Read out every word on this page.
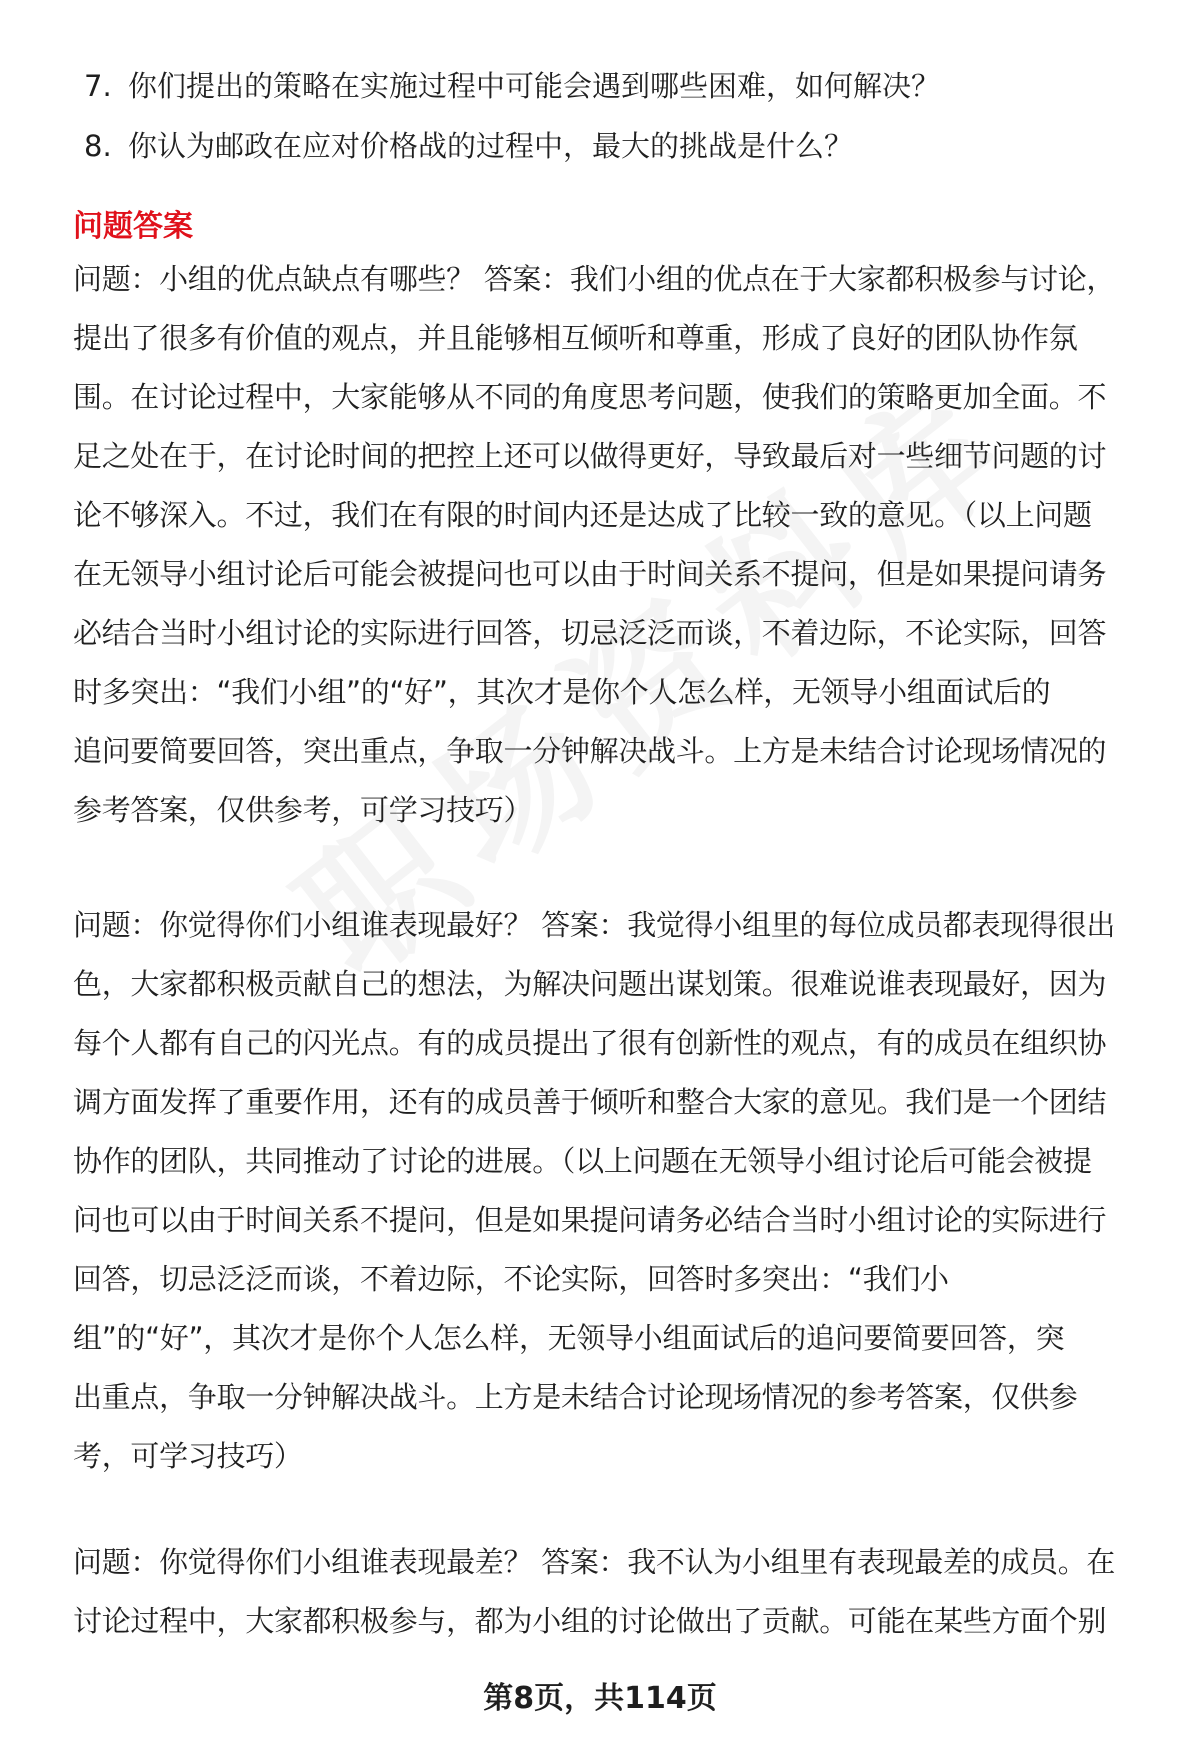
7. 你们提出的策略在实施过程中可能会遇到哪些困难，如何解决？
8. 你认为邮政在应对价格战的过程中，最大的挑战是什么？
问题答案
问题：小组的优点缺点有哪些？ 答案：我们小组的优点在于大家都积极参与讨论，
提出了很多有价值的观点，并且能够相互倾听和尊重，形成了良好的团队协作氛
围。在讨论过程中，大家能够从不同的角度思考问题，使我们的策略更加全面。不
足之处在于，在讨论时间的把控上还可以做得更好，导致最后对一些细节问题的讨
论不够深入。不过，我们在有限的时间内还是达成了比较一致的意见。（以上问题
在无领导小组讨论后可能会被提问也可以由于时间关系不提问，但是如果提问请务
必结合当时小组讨论的实际进行回答，切忌泛泛而谈，不着边际，不论实际，回答
时多突出：“我们小组”的“好”，其次才是你个人怎么样，无领导小组面试后的
追问要简要回答，突出重点，争取一分钟解决战斗。上方是未结合讨论现场情况的
参考答案，仅供参考，可学习技巧）
问题：你觉得你们小组谁表现最好？ 答案：我觉得小组里的每位成员都表现得很出
色，大家都积极贡献自己的想法，为解决问题出谋划策。很难说谁表现最好，因为
每个人都有自己的闪光点。有的成员提出了很有创新性的观点，有的成员在组织协
调方面发挥了重要作用，还有的成员善于倾听和整合大家的意见。我们是一个团结
协作的团队，共同推动了讨论的进展。（以上问题在无领导小组讨论后可能会被提
问也可以由于时间关系不提问，但是如果提问请务必结合当时小组讨论的实际进行
回答，切忌泛泛而谈，不着边际，不论实际，回答时多突出：“我们小
组”的“好”，其次才是你个人怎么样，无领导小组面试后的追问要简要回答，突
出重点，争取一分钟解决战斗。上方是未结合讨论现场情况的参考答案，仅供参
考，可学习技巧）
问题：你觉得你们小组谁表现最差？ 答案：我不认为小组里有表现最差的成员。在
讨论过程中，大家都积极参与，都为小组的讨论做出了贡献。可能在某些方面个别
第8页，共114页
